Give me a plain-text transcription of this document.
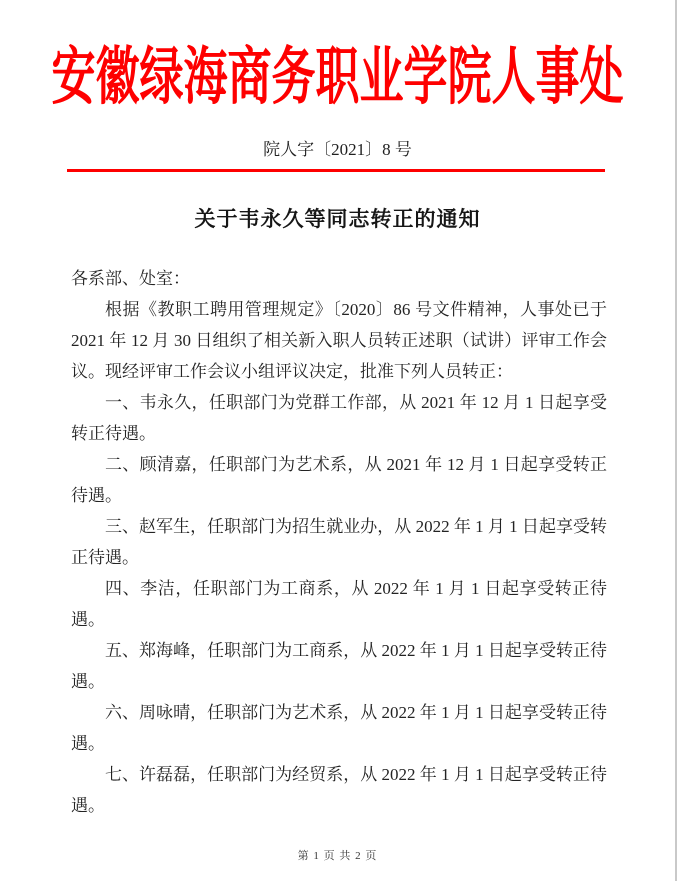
安徽绿海商务职业学院人事处
院人字〔2021〕8 号
关于韦永久等同志转正的通知

各系部、处室：

根据《教职工聘用管理规定》〔2020〕86 号文件精神，人事处已于 2021 年 12 月 30 日组织了相关新入职人员转正述职（试讲）评审工作会议。现经评审工作会议小组评议决定，批准下列人员转正：

一、韦永久，任职部门为党群工作部，从 2021 年 12 月 1 日起享受转正待遇。

二、顾清嘉，任职部门为艺术系，从 2021 年 12 月 1 日起享受转正待遇。

三、赵军生，任职部门为招生就业办，从 2022 年 1 月 1 日起享受转正待遇。

四、李洁，任职部门为工商系，从 2022 年 1 月 1 日起享受转正待遇。

五、郑海峰，任职部门为工商系，从 2022 年 1 月 1 日起享受转正待遇。

六、周咏晴，任职部门为艺术系，从 2022 年 1 月 1 日起享受转正待遇。

七、许磊磊，任职部门为经贸系，从 2022 年 1 月 1 日起享受转正待遇。

第 1 页 共 2 页
